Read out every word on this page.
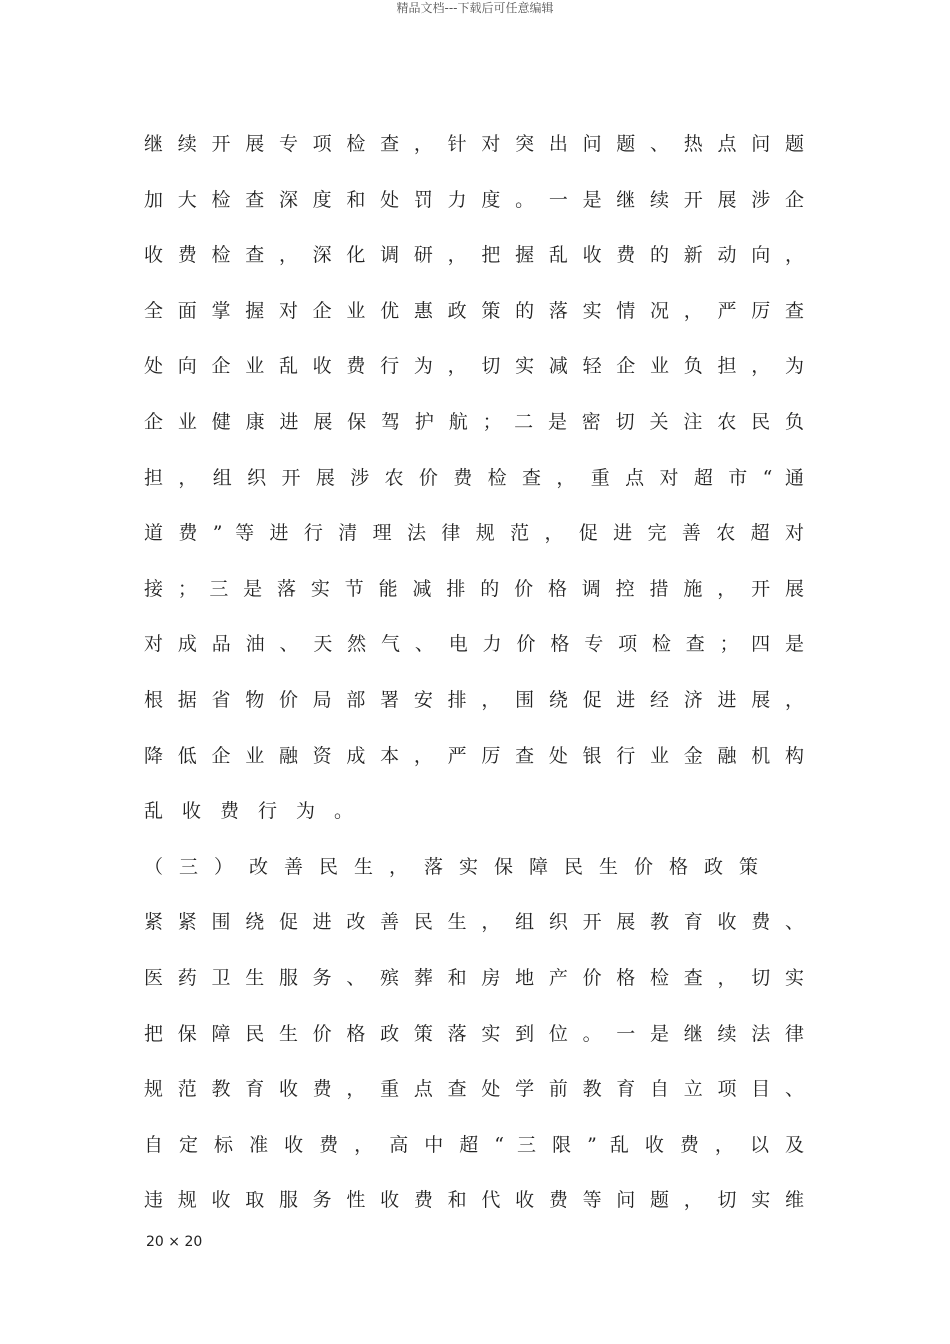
精品文档---下载后可任意编辑
继 续 开 展 专 项 检 查 ， 针 对 突 出 问 题 、 热 点 问 题
加 大 检 查 深 度 和 处 罚 力 度 。 一 是 继 续 开 展 涉 企
收 费 检 查 ， 深 化 调 研 ， 把 握 乱 收 费 的 新 动 向 ，
全 面 掌 握 对 企 业 优 惠 政 策 的 落 实 情 况 ， 严 厉 查
处 向 企 业 乱 收 费 行 为 ， 切 实 减 轻 企 业 负 担 ， 为
企 业 健 康 进 展 保 驾 护 航 ； 二 是 密 切 关 注 农 民 负
担 ， 组 织 开 展 涉 农 价 费 检 查 ， 重 点 对 超 市 “ 通
道 费 ” 等 进 行 清 理 法 律 规 范 ， 促 进 完 善 农 超 对
接 ； 三 是 落 实 节 能 减 排 的 价 格 调 控 措 施 ， 开 展
对 成 品 油 、 天 然 气 、 电 力 价 格 专 项 检 查 ； 四 是
根 据 省 物 价 局 部 署 安 排 ， 围 绕 促 进 经 济 进 展 ，
降 低 企 业 融 资 成 本 ， 严 厉 查 处 银 行 业 金 融 机 构
乱收费行为。
（三）改善民生，落实保障民生价格政策
紧 紧 围 绕 促 进 改 善 民 生 ， 组 织 开 展 教 育 收 费 、
医 药 卫 生 服 务 、 殡 葬 和 房 地 产 价 格 检 查 ， 切 实
把 保 障 民 生 价 格 政 策 落 实 到 位 。 一 是 继 续 法 律
规 范 教 育 收 费 ， 重 点 查 处 学 前 教 育 自 立 项 目 、
自 定 标 准 收 费 ， 高 中 超 “ 三 限 ” 乱 收 费 ， 以 及
违 规 收 取 服 务 性 收 费 和 代 收 费 等 问 题 ， 切 实 维
20 × 20
